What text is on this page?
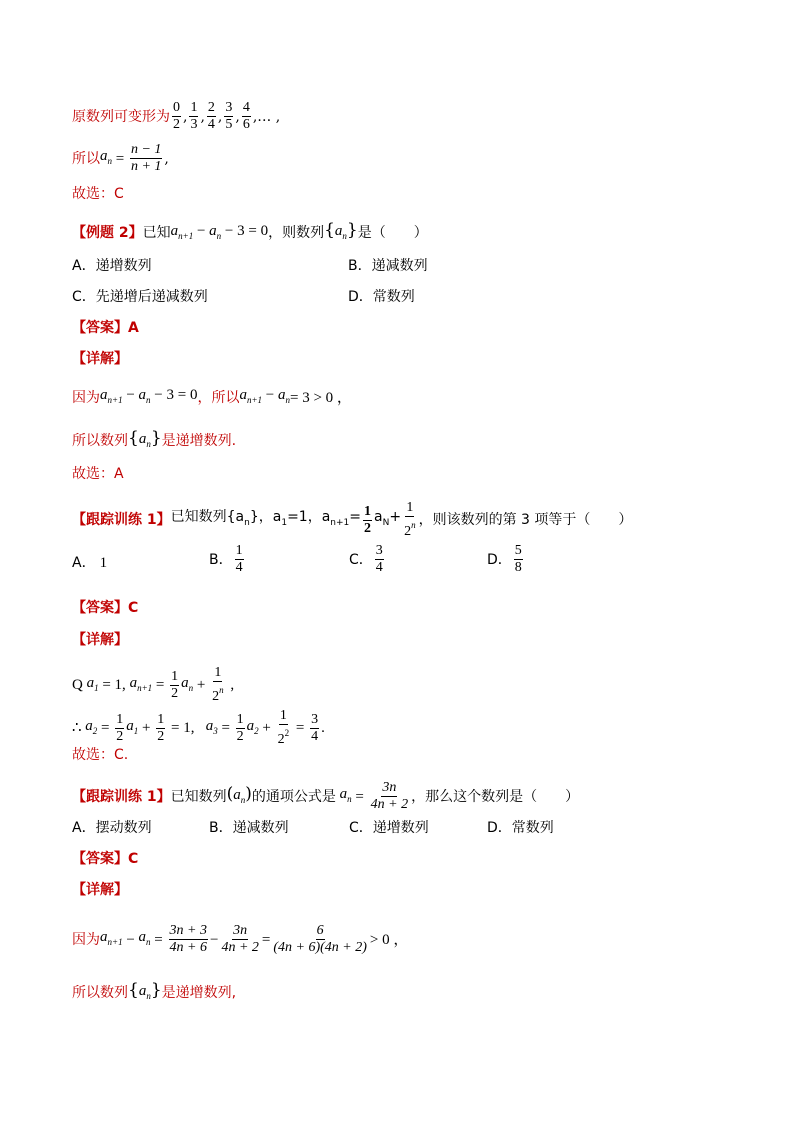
原数列可变形为 $\frac{0}{2}$ , $\frac{1}{3}$ , $\frac{2}{4}$ , $\frac{3}{5}$ , $\frac{4}{6}$ ,… ,
所以 $a_n = \frac{n - 1}{n + 1}$ ,
故选：C
【例题 2】 已知 $a_{n+1} - a_n - 3 = 0$ ，则数列 $\{a_n\}$ 是（　　）
A．递增数列	B．递减数列
C．先递增后递减数列	D．常数列
【答案】A
【详解】
因为 $a_{n+1} - a_n - 3 = 0$ ，所以 $a_{n+1} - a_n = 3 > 0$ ，
所以数列 $\{a_n\}$ 是递增数列.
故选：A
【跟踪训练 1】 已知数列$\{a_n\}$，$a_1=1$，$a_{n+1}= \frac{1}{2} a_N+ \frac{1}{2^n}$ ，则该数列的第 3 项等于（　　）
A． 1	B． $\frac{1}{4}$	C． $\frac{3}{4}$	D． $\frac{5}{8}$
【答案】C
【详解】
Q $a_1 = 1$, $a_{n+1} = \frac{1}{2} a_n + \frac{1}{2^n}$ ,
∴ $a_2 = \frac{1}{2} a_1 + \frac{1}{2} = 1$, $a_3 = \frac{1}{2} a_2 + \frac{1}{2^2} = \frac{3}{4}$ .
故选：C.
【跟踪训练 1】 已知数列 $(a_n)$ 的通项公式是 $a_n = \frac{3n}{4n + 2}$ ，那么这个数列是（　　）
A．摆动数列	B．递减数列	C．递增数列	D．常数列
【答案】C
【详解】
因为 $a_{n+1} - a_n = \frac{3n + 3}{4n + 6} - \frac{3n}{4n + 2} = \frac{6}{(4n + 6)(4n + 2)} > 0$ ，
所以数列 $\{a_n\}$ 是递增数列,
